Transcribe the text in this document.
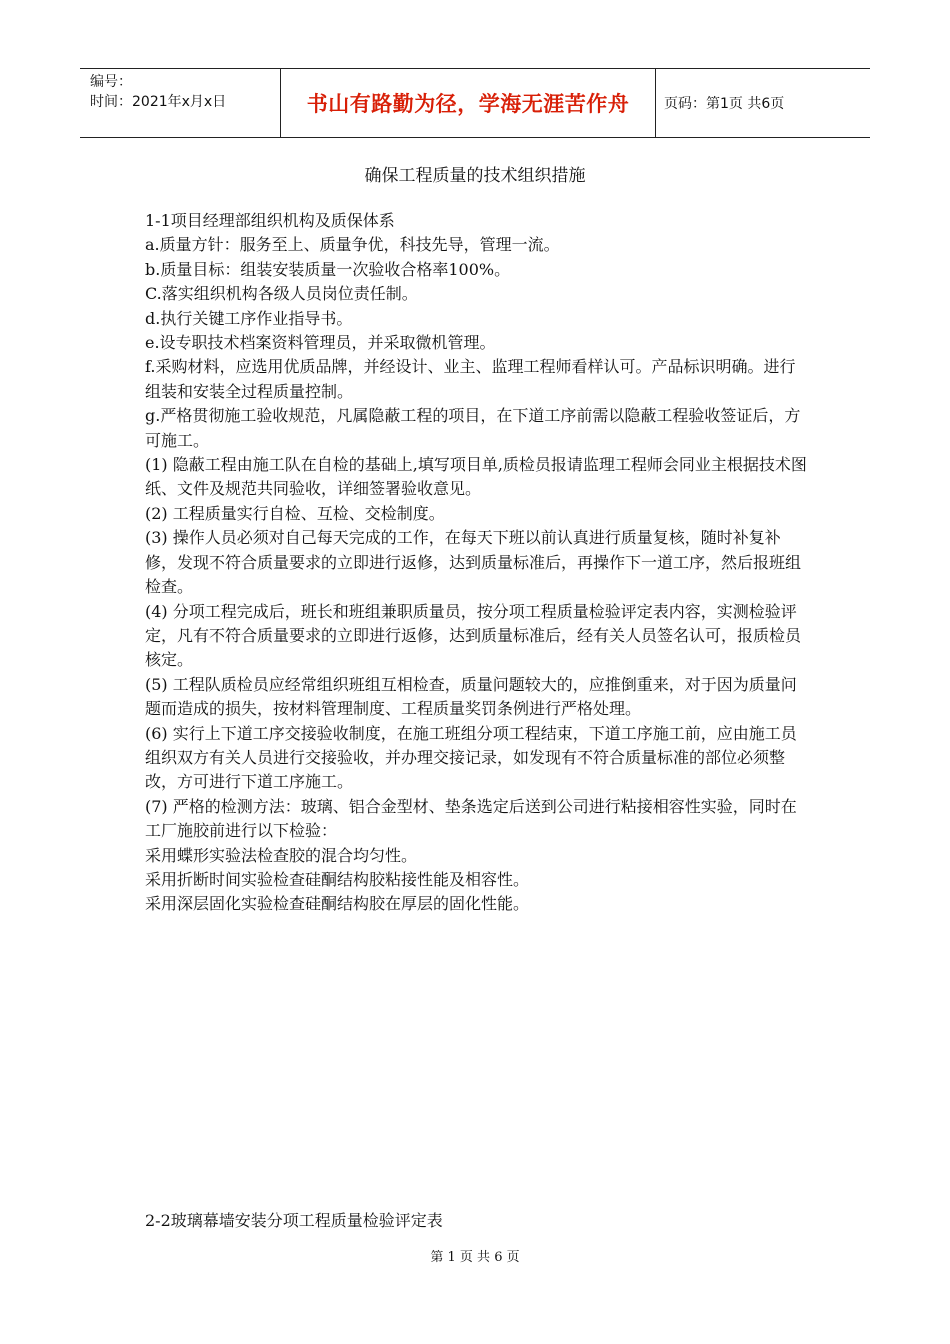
编号：
时间：2021年x月x日	书山有路勤为径，学海无涯苦作舟	页码：第1页 共6页
确保工程质量的技术组织措施

1-1项目经理部组织机构及质保体系

a.质量方针：服务至上、质量争优，科技先导，管理一流。

b.质量目标：组装安装质量一次验收合格率100%。

C.落实组织机构各级人员岗位责任制。

d.执行关键工序作业指导书。

e.设专职技术档案资料管理员，并采取微机管理。

f.采购材料，应选用优质品牌，并经设计、业主、监理工程师看样认可。产品标识明确。进行组装和安装全过程质量控制。

g.严格贯彻施工验收规范，凡属隐蔽工程的项目，在下道工序前需以隐蔽工程验收签证后，方可施工。

(1) 隐蔽工程由施工队在自检的基础上,填写项目单,质检员报请监理工程师会同业主根据技术图纸、文件及规范共同验收，详细签署验收意见。

(2) 工程质量实行自检、互检、交检制度。

(3) 操作人员必须对自己每天完成的工作，在每天下班以前认真进行质量复核，随时补复补修，发现不符合质量要求的立即进行返修，达到质量标准后，再操作下一道工序，然后报班组检查。

(4) 分项工程完成后，班长和班组兼职质量员，按分项工程质量检验评定表内容，实测检验评定，凡有不符合质量要求的立即进行返修，达到质量标准后，经有关人员签名认可，报质检员核定。

(5) 工程队质检员应经常组织班组互相检查，质量问题较大的，应推倒重来，对于因为质量问题而造成的损失，按材料管理制度、工程质量奖罚条例进行严格处理。

(6) 实行上下道工序交接验收制度，在施工班组分项工程结束，下道工序施工前，应由施工员组织双方有关人员进行交接验收，并办理交接记录，如发现有不符合质量标准的部位必须整改，方可进行下道工序施工。

(7) 严格的检测方法：玻璃、铝合金型材、垫条选定后送到公司进行粘接相容性实验，同时在工厂施胶前进行以下检验：

采用蝶形实验法检查胶的混合均匀性。

采用折断时间实验检查硅酮结构胶粘接性能及相容性。

采用深层固化实验检查硅酮结构胶在厚层的固化性能。

2-2玻璃幕墙安装分项工程质量检验评定表
第 1 页 共 6 页
